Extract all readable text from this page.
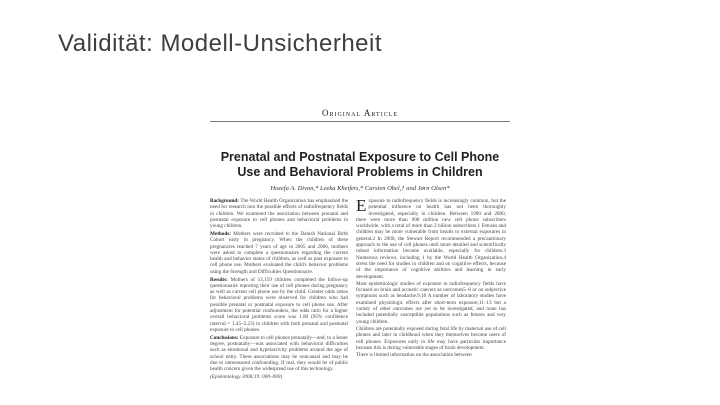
Validität: Modell-Unsicherheit
Original Article
Prenatal and Postnatal Exposure to Cell Phone Use and Behavioral Problems in Children
Hozefa A. Divan,* Leeka Kheifets,* Carsten Obel,† and Jørn Olsen*

Background: The World Health Organization has emphasized the need for research into the possible effects of radiofrequency fields in children. We examined the association between prenatal and postnatal exposure to cell phones and behavioral problems in young children.

Methods: Mothers were recruited to the Danish National Birth Cohort early in pregnancy. When the children of these pregnancies reached 7 years of age in 2005 and 2006, mothers were asked to complete a questionnaire regarding the current health and behavior status of children, as well as past exposure to cell phone use. Mothers evaluated the child's behavior problems using the Strength and Difficulties Questionnaire.

Results: Mothers of 13,159 children completed the follow-up questionnaire reporting their use of cell phones during pregnancy as well as current cell phone use by the child. Greater odds ratios for behavioral problems were observed for children who had possible prenatal or postnatal exposure to cell phone use. After adjustment for potential confounders, the odds ratio for a higher overall behavioral problems score was 1.80 (95% confidence interval = 1.45–2.23) in children with both prenatal and postnatal exposure to cell phones.

Conclusions: Exposure to cell phones prenatally—and, to a lesser degree, postnatally—was associated with behavioral difficulties such as emotional and hyperactivity problems around the age of school entry. These associations may be noncausal and may be due to unmeasured confounding. If real, they would be of public health concern given the widespread use of this technology.

(Epidemiology 2008;19: 000–000)

Exposure to radiofrequency fields is increasingly common, but the potential influence on health has not been thoroughly investigated, especially in children. Between 1990 and 2000, there were more than 900 million new cell phone subscribers worldwide, with a total of more than 2 billion subscribers.1 Fetuses and children may be more vulnerable from insults to external exposures in general.2 In 2000, the Stewart Report recommended a precautionary approach to the use of cell phones until more detailed and scientifically robust information became available, especially for children.3 Numerous reviews, including 1 by the World Health Organization,4 stress the need for studies in children and on cognitive effects, because of the importance of cognitive abilities and learning in early development.

Most epidemiologic studies of exposure to radiofrequency fields have focused on brain and acoustic cancers as outcomes5–8 or on subjective symptoms such as headache.9,10 A number of laboratory studies have examined physiologic effects after short-term exposure,11–13 but a variety of other outcomes are yet to be investigated, and none has included potentially susceptible populations such as fetuses and very young children.

Children are potentially exposed during fetal life by maternal use of cell phones and later in childhood when they themselves become users of cell phones. Exposures early in life may have particular importance because this is during vulnerable stages of brain development.

There is limited information on the association between
